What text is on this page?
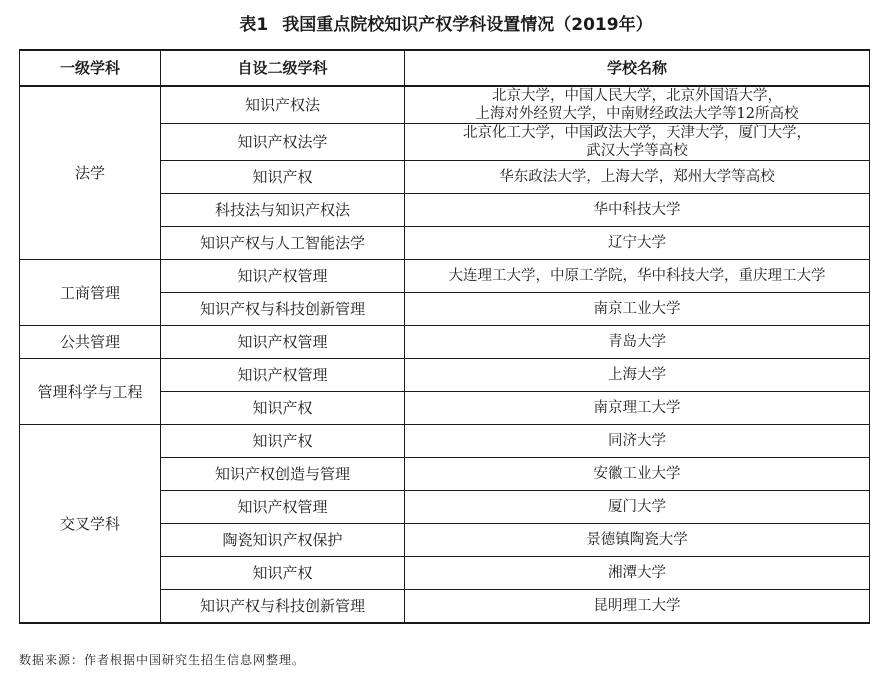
表1 我国重点院校知识产权学科设置情况（2019年）
一级学科	自设二级学科	学校名称
法学	知识产权法	北京大学，中国人民大学，北京外国语大学，
上海对外经贸大学，中南财经政法大学等12所高校

	知识产权法学	北京化工大学，中国政法大学，天津大学，厦门大学，
武汉大学等高校

	知识产权	华东政法大学，上海大学，郑州大学等高校
	科技法与知识产权法	华中科技大学
	知识产权与人工智能法学	辽宁大学
工商管理	知识产权管理	大连理工大学，中原工学院，华中科技大学，重庆理工大学
	知识产权与科技创新管理	南京工业大学
公共管理	知识产权管理	青岛大学
管理科学与工程	知识产权管理	上海大学
	知识产权	南京理工大学
交叉学科	知识产权	同济大学
	知识产权创造与管理	安徽工业大学
	知识产权管理	厦门大学
	陶瓷知识产权保护	景德镇陶瓷大学
	知识产权	湘潭大学
	知识产权与科技创新管理	昆明理工大学
数据来源：作者根据中国研究生招生信息网整理。
